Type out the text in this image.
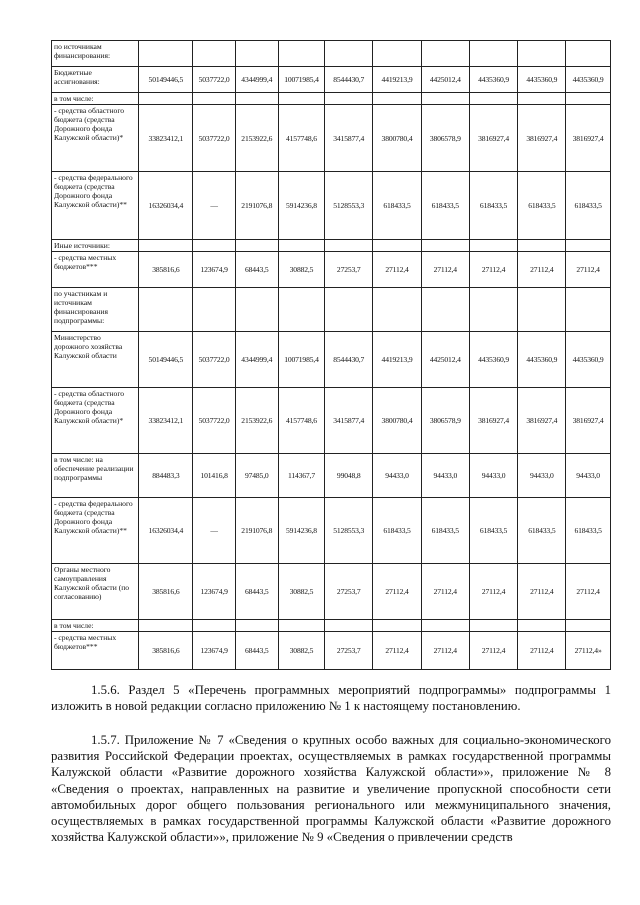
по источникам финансирования:										
Бюджетные ассигнования:	50149446,5	5037722,0	4344999,4	10071985,4	8544430,7	4419213,9	4425012,4	4435360,9	4435360,9	4435360,9
в том числе:										
- средства областного бюджета (средства Дорожного фонда Калужской области)*	33823412,1	5037722,0	2153922,6	4157748,6	3415877,4	3800780,4	3806578,9	3816927,4	3816927,4	3816927,4
- средства федерального бюджета (средства Дорожного фонда Калужской области)**	16326034,4	—	2191076,8	5914236,8	5128553,3	618433,5	618433,5	618433,5	618433,5	618433,5
Иные источники:										
- средства местных бюджетов***	385816,6	123674,9	68443,5	30882,5	27253,7	27112,4	27112,4	27112,4	27112,4	27112,4
по участникам и источникам финансирования подпрограммы:										
Министерство дорожного хозяйства Калужской области	50149446,5	5037722,0	4344999,4	10071985,4	8544430,7	4419213,9	4425012,4	4435360,9	4435360,9	4435360,9
- средства областного бюджета (средства Дорожного фонда Калужской области)*	33823412,1	5037722,0	2153922,6	4157748,6	3415877,4	3800780,4	3806578,9	3816927,4	3816927,4	3816927,4
в том числе: на обеспечение реализации подпрограммы	884483,3	101416,8	97485,0	114367,7	99048,8	94433,0	94433,0	94433,0	94433,0	94433,0
- средства федерального бюджета (средства Дорожного фонда Калужской области)**	16326034,4	—	2191076,8	5914236,8	5128553,3	618433,5	618433,5	618433,5	618433,5	618433,5
Органы местного самоуправления Калужской области (по согласованию)	385816,6	123674,9	68443,5	30882,5	27253,7	27112,4	27112,4	27112,4	27112,4	27112,4
в том числе:										
- средства местных бюджетов***	385816,6	123674,9	68443,5	30882,5	27253,7	27112,4	27112,4	27112,4	27112,4	27112,4»
1.5.6. Раздел 5 «Перечень программных мероприятий подпрограммы» подпрограммы 1 изложить в новой редакции согласно приложению № 1 к настоящему постановлению.
1.5.7. Приложение № 7 «Сведения о крупных особо важных для социально-экономического развития Российской Федерации проектах, осуществляемых в рамках государственной программы Калужской области «Развитие дорожного хозяйства Калужской области»», приложение № 8 «Сведения о проектах, направленных на развитие и увеличение пропускной способности сети автомобильных дорог общего пользования регионального или межмуниципального значения, осуществляемых в рамках государственной программы Калужской области «Развитие дорожного хозяйства Калужской области»», приложение № 9 «Сведения о привлечении средств
